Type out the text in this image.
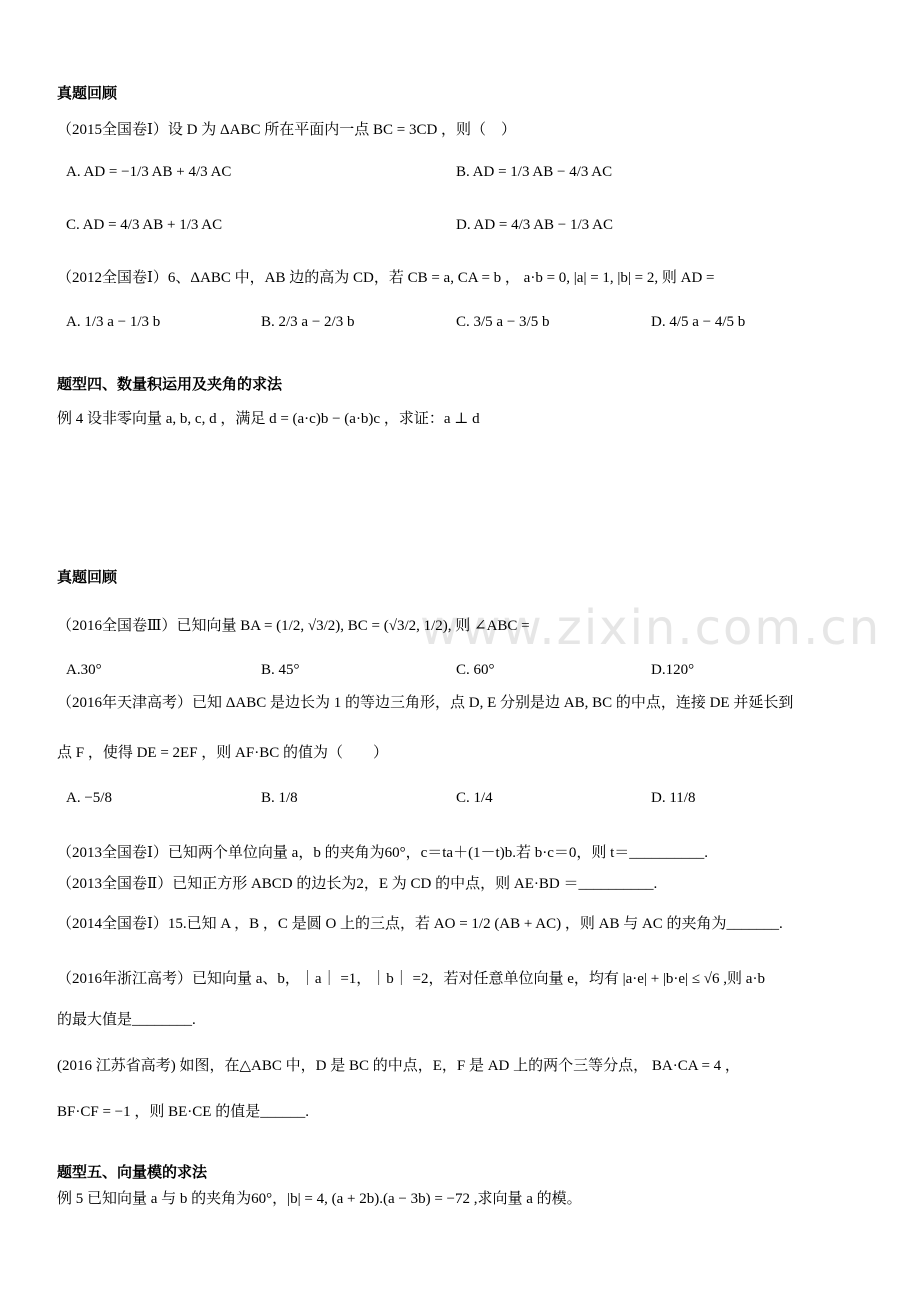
www.zixin.com.cn
真题回顾
（2015全国卷Ⅰ）设 D 为 ΔABC 所在平面内一点 BC = 3CD ，则（　）
A. AD = −1/3 AB + 4/3 AC	B. AD = 1/3 AB − 4/3 AC
C. AD = 4/3 AB + 1/3 AC	D. AD = 4/3 AB − 1/3 AC
（2012全国卷Ⅰ）6、ΔABC 中，AB 边的高为 CD，若 CB = a, CA = b ， a·b = 0, |a| = 1, |b| = 2, 则 AD =
A. 1/3 a − 1/3 b	B. 2/3 a − 2/3 b	C. 3/5 a − 3/5 b	D. 4/5 a − 4/5 b
题型四、数量积运用及夹角的求法
例 4 设非零向量 a, b, c, d ，满足 d = (a·c)b − (a·b)c ，求证：a ⊥ d
真题回顾
（2016全国卷Ⅲ）已知向量 BA = (1/2, √3/2), BC = (√3/2, 1/2), 则 ∠ABC =
A.30°	B. 45°	C. 60°	D.120°
（2016年天津高考）已知 ΔABC 是边长为 1 的等边三角形，点 D, E 分别是边 AB, BC 的中点，连接 DE 并延长到
点 F ，使得 DE = 2EF ，则 AF·BC 的值为（　　）
A. −5/8	B. 1/8	C. 1/4	D. 11/8
（2013全国卷Ⅰ）已知两个单位向量 a，b 的夹角为60°，c＝ta＋(1－t)b.若 b·c＝0，则 t＝__________.
（2013全国卷Ⅱ）已知正方形 ABCD 的边长为2，E 为 CD 的中点，则 AE·BD ＝__________.
（2014全国卷Ⅰ）15.已知 A ，B ，C 是圆 O 上的三点，若 AO = 1/2 (AB + AC) ，则 AB 与 AC 的夹角为_______.
（2016年浙江高考）已知向量 a、b，｜a｜ =1，｜b｜ =2，若对任意单位向量 e，均有 |a·e| + |b·e| ≤ √6 ,则 a·b
的最大值是________.
(2016 江苏省高考) 如图，在△ABC 中，D 是 BC 的中点，E，F 是 AD 上的两个三等分点， BA·CA = 4 ，
BF·CF = −1 ，则 BE·CE 的值是______.
题型五、向量模的求法
例 5 已知向量 a 与 b 的夹角为60°，|b| = 4, (a + 2b).(a − 3b) = −72 ,求向量 a 的模。
